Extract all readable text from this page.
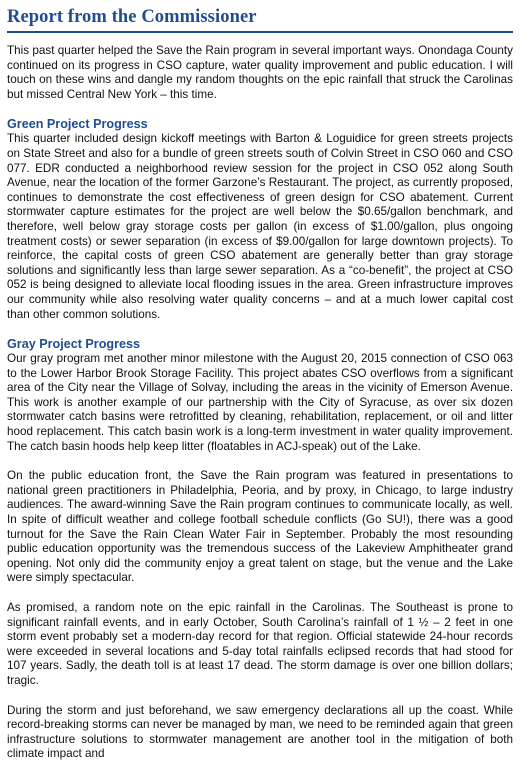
Report from the Commissioner

This past quarter helped the Save the Rain program in several important ways. Onondaga County continued on its progress in CSO capture, water quality improvement and public education. I will touch on these wins and dangle my random thoughts on the epic rainfall that struck the Carolinas but missed Central New York – this time.

Green Project Progress

This quarter included design kickoff meetings with Barton & Loguidice for green streets projects on State Street and also for a bundle of green streets south of Colvin Street in CSO 060 and CSO 077. EDR conducted a neighborhood review session for the project in CSO 052 along South Avenue, near the location of the former Garzone’s Restaurant. The project, as currently proposed, continues to demonstrate the cost effectiveness of green design for CSO abatement. Current stormwater capture estimates for the project are well below the $0.65/gallon benchmark, and therefore, well below gray storage costs per gallon (in excess of $1.00/gallon, plus ongoing treatment costs) or sewer separation (in excess of $9.00/gallon for large downtown projects). To reinforce, the capital costs of green CSO abatement are generally better than gray storage solutions and significantly less than large sewer separation. As a “co-benefit”, the project at CSO 052 is being designed to alleviate local flooding issues in the area. Green infrastructure improves our community while also resolving water quality concerns – and at a much lower capital cost than other common solutions.

Gray Project Progress

Our gray program met another minor milestone with the August 20, 2015 connection of CSO 063 to the Lower Harbor Brook Storage Facility. This project abates CSO overflows from a significant area of the City near the Village of Solvay, including the areas in the vicinity of Emerson Avenue. This work is another example of our partnership with the City of Syracuse, as over six dozen stormwater catch basins were retrofitted by cleaning, rehabilitation, replacement, or oil and litter hood replacement. This catch basin work is a long-term investment in water quality improvement. The catch basin hoods help keep litter (floatables in ACJ-speak) out of the Lake.

On the public education front, the Save the Rain program was featured in presentations to national green practitioners in Philadelphia, Peoria, and by proxy, in Chicago, to large industry audiences. The award-winning Save the Rain program continues to communicate locally, as well. In spite of difficult weather and college football schedule conflicts (Go SU!), there was a good turnout for the Save the Rain Clean Water Fair in September. Probably the most resounding public education opportunity was the tremendous success of the Lakeview Amphitheater grand opening. Not only did the community enjoy a great talent on stage, but the venue and the Lake were simply spectacular.

As promised, a random note on the epic rainfall in the Carolinas. The Southeast is prone to significant rainfall events, and in early October, South Carolina’s rainfall of 1 ½ – 2 feet in one storm event probably set a modern-day record for that region. Official statewide 24-hour records were exceeded in several locations and 5-day total rainfalls eclipsed records that had stood for 107 years. Sadly, the death toll is at least 17 dead. The storm damage is over one billion dollars; tragic.

During the storm and just beforehand, we saw emergency declarations all up the coast. While record-breaking storms can never be managed by man, we need to be reminded again that green infrastructure solutions to stormwater management are another tool in the mitigation of both climate impact and
